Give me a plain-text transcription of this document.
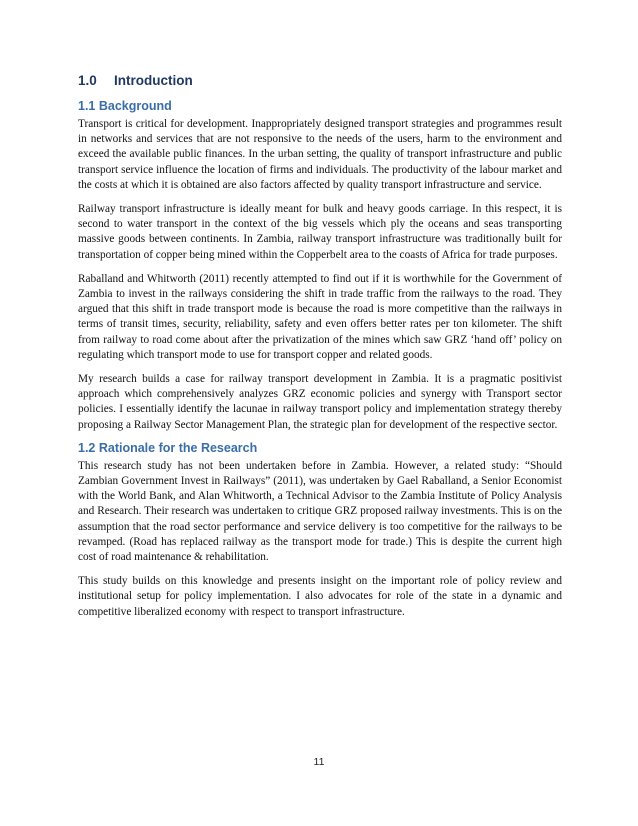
1.0 Introduction
1.1 Background

Transport is critical for development. Inappropriately designed transport strategies and programmes result in networks and services that are not responsive to the needs of the users, harm to the environment and exceed the available public finances. In the urban setting, the quality of transport infrastructure and public transport service influence the location of firms and individuals. The productivity of the labour market and the costs at which it is obtained are also factors affected by quality transport infrastructure and service.

Railway transport infrastructure is ideally meant for bulk and heavy goods carriage. In this respect, it is second to water transport in the context of the big vessels which ply the oceans and seas transporting massive goods between continents. In Zambia, railway transport infrastructure was traditionally built for transportation of copper being mined within the Copperbelt area to the coasts of Africa for trade purposes.

Raballand and Whitworth (2011) recently attempted to find out if it is worthwhile for the Government of Zambia to invest in the railways considering the shift in trade traffic from the railways to the road. They argued that this shift in trade transport mode is because the road is more competitive than the railways in terms of transit times, security, reliability, safety and even offers better rates per ton kilometer. The shift from railway to road come about after the privatization of the mines which saw GRZ ‘hand off’ policy on regulating which transport mode to use for transport copper and related goods.

My research builds a case for railway transport development in Zambia. It is a pragmatic positivist approach which comprehensively analyzes GRZ economic policies and synergy with Transport sector policies. I essentially identify the lacunae in railway transport policy and implementation strategy thereby proposing a Railway Sector Management Plan, the strategic plan for development of the respective sector.

1.2 Rationale for the Research

This research study has not been undertaken before in Zambia. However, a related study: “Should Zambian Government Invest in Railways” (2011), was undertaken by Gael Raballand, a Senior Economist with the World Bank, and Alan Whitworth, a Technical Advisor to the Zambia Institute of Policy Analysis and Research. Their research was undertaken to critique GRZ proposed railway investments. This is on the assumption that the road sector performance and service delivery is too competitive for the railways to be revamped. (Road has replaced railway as the transport mode for trade.) This is despite the current high cost of road maintenance & rehabilitation.

This study builds on this knowledge and presents insight on the important role of policy review and institutional setup for policy implementation. I also advocates for role of the state in a dynamic and competitive liberalized economy with respect to transport infrastructure.

11
